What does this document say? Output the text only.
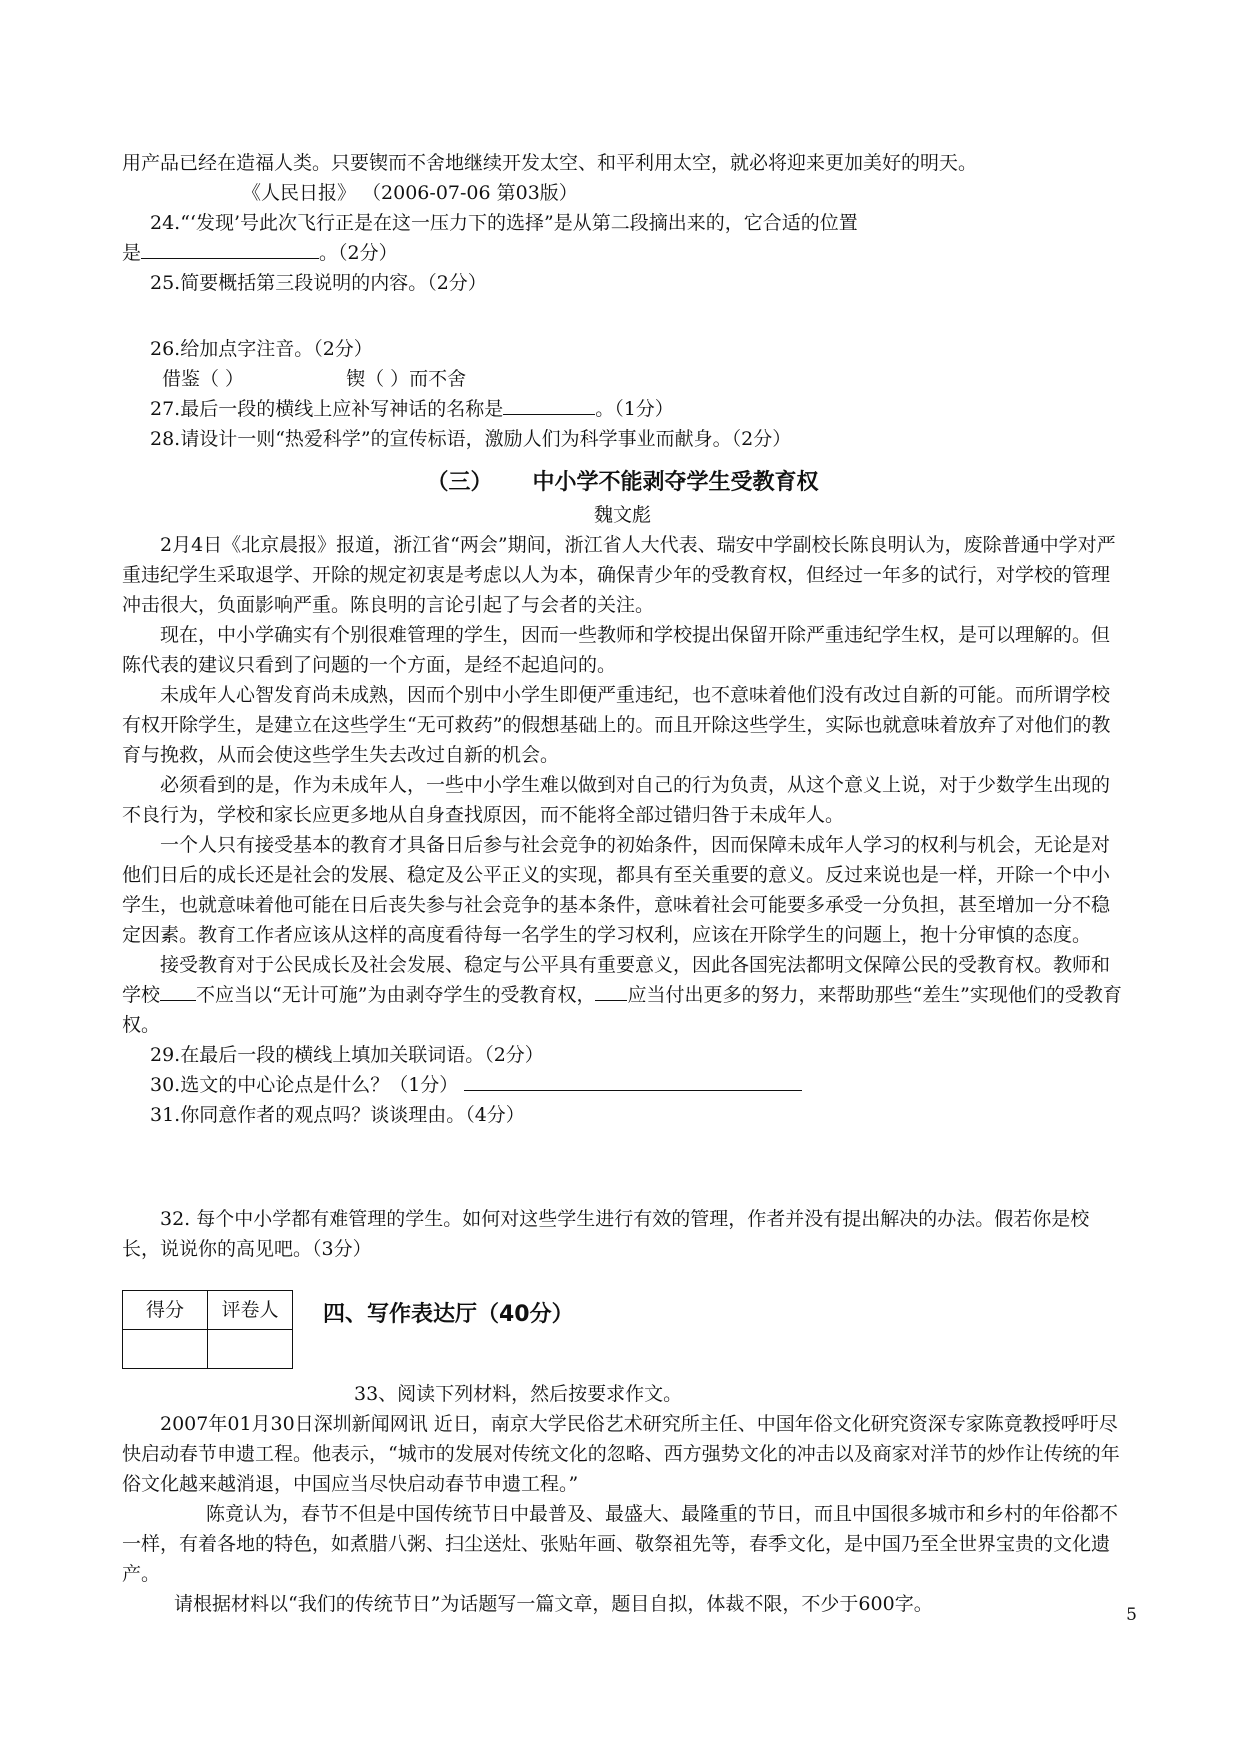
用产品已经在造福人类。只要锲而不舍地继续开发太空、和平利用太空，就必将迎来更加美好的明天。

《人民日报》 （2006-07-06 第03版）

24.“‘发现’号此次飞行正是在这一压力下的选择”是从第二段摘出来的，它合适的位置

是	。（2分）

25.简要概括第三段说明的内容。（2分）

26.给加点字注音。（2分）

借鉴（ ）	锲（ ）而不舍

27.最后一段的横线上应补写神话的名称是	。（1分）

28.请设计一则“热爱科学”的宣传标语，激励人们为科学事业而献身。（2分）

（三） 中小学不能剥夺学生受教育权

魏文彪

2月4日《北京晨报》报道，浙江省“两会”期间，浙江省人大代表、瑞安中学副校长陈良明认为，废除普通中学对严重违纪学生采取退学、开除的规定初衷是考虑以人为本，确保青少年的受教育权，但经过一年多的试行，对学校的管理冲击很大，负面影响严重。陈良明的言论引起了与会者的关注。

现在，中小学确实有个别很难管理的学生，因而一些教师和学校提出保留开除严重违纪学生权，是可以理解的。但陈代表的建议只看到了问题的一个方面，是经不起追问的。

未成年人心智发育尚未成熟，因而个别中小学生即便严重违纪，也不意味着他们没有改过自新的可能。而所谓学校有权开除学生，是建立在这些学生“无可救药”的假想基础上的。而且开除这些学生，实际也就意味着放弃了对他们的教育与挽救，从而会使这些学生失去改过自新的机会。

必须看到的是，作为未成年人，一些中小学生难以做到对自己的行为负责，从这个意义上说，对于少数学生出现的不良行为，学校和家长应更多地从自身查找原因，而不能将全部过错归咎于未成年人。

一个人只有接受基本的教育才具备日后参与社会竞争的初始条件，因而保障未成年人学习的权利与机会，无论是对他们日后的成长还是社会的发展、稳定及公平正义的实现，都具有至关重要的意义。反过来说也是一样，开除一个中小学生，也就意味着他可能在日后丧失参与社会竞争的基本条件，意味着社会可能要多承受一分负担，甚至增加一分不稳定因素。教育工作者应该从这样的高度看待每一名学生的学习权利，应该在开除学生的问题上，抱十分审慎的态度。

接受教育对于公民成长及社会发展、稳定与公平具有重要意义，因此各国宪法都明文保障公民的受教育权。教师和学校 不应当以“无计可施”为由剥夺学生的受教育权， 应当付出更多的努力，来帮助那些“差生”实现他们的受教育权。

29.在最后一段的横线上填加关联词语。（2分）

30.选文的中心论点是什么？（1分）

31.你同意作者的观点吗？谈谈理由。（4分）

32. 每个中小学都有难管理的学生。如何对这些学生进行有效的管理，作者并没有提出解决的办法。假若你是校长，说说你的高见吧。（3分）

得分	评卷人
	四、写作表达厅（40分）

33、阅读下列材料，然后按要求作文。

2007年01月30日深圳新闻网讯 近日，南京大学民俗艺术研究所主任、中国年俗文化研究资深专家陈竟教授呼吁尽快启动春节申遗工程。他表示，“城市的发展对传统文化的忽略、西方强势文化的冲击以及商家对洋节的炒作让传统的年俗文化越来越消退，中国应当尽快启动春节申遗工程。”

陈竟认为，春节不但是中国传统节日中最普及、最盛大、最隆重的节日，而且中国很多城市和乡村的年俗都不一样，有着各地的特色，如煮腊八粥、扫尘送灶、张贴年画、敬祭祖先等，春季文化，是中国乃至全世界宝贵的文化遗产。

请根据材料以“我们的传统节日”为话题写一篇文章，题目自拟，体裁不限，不少于600字。	5
